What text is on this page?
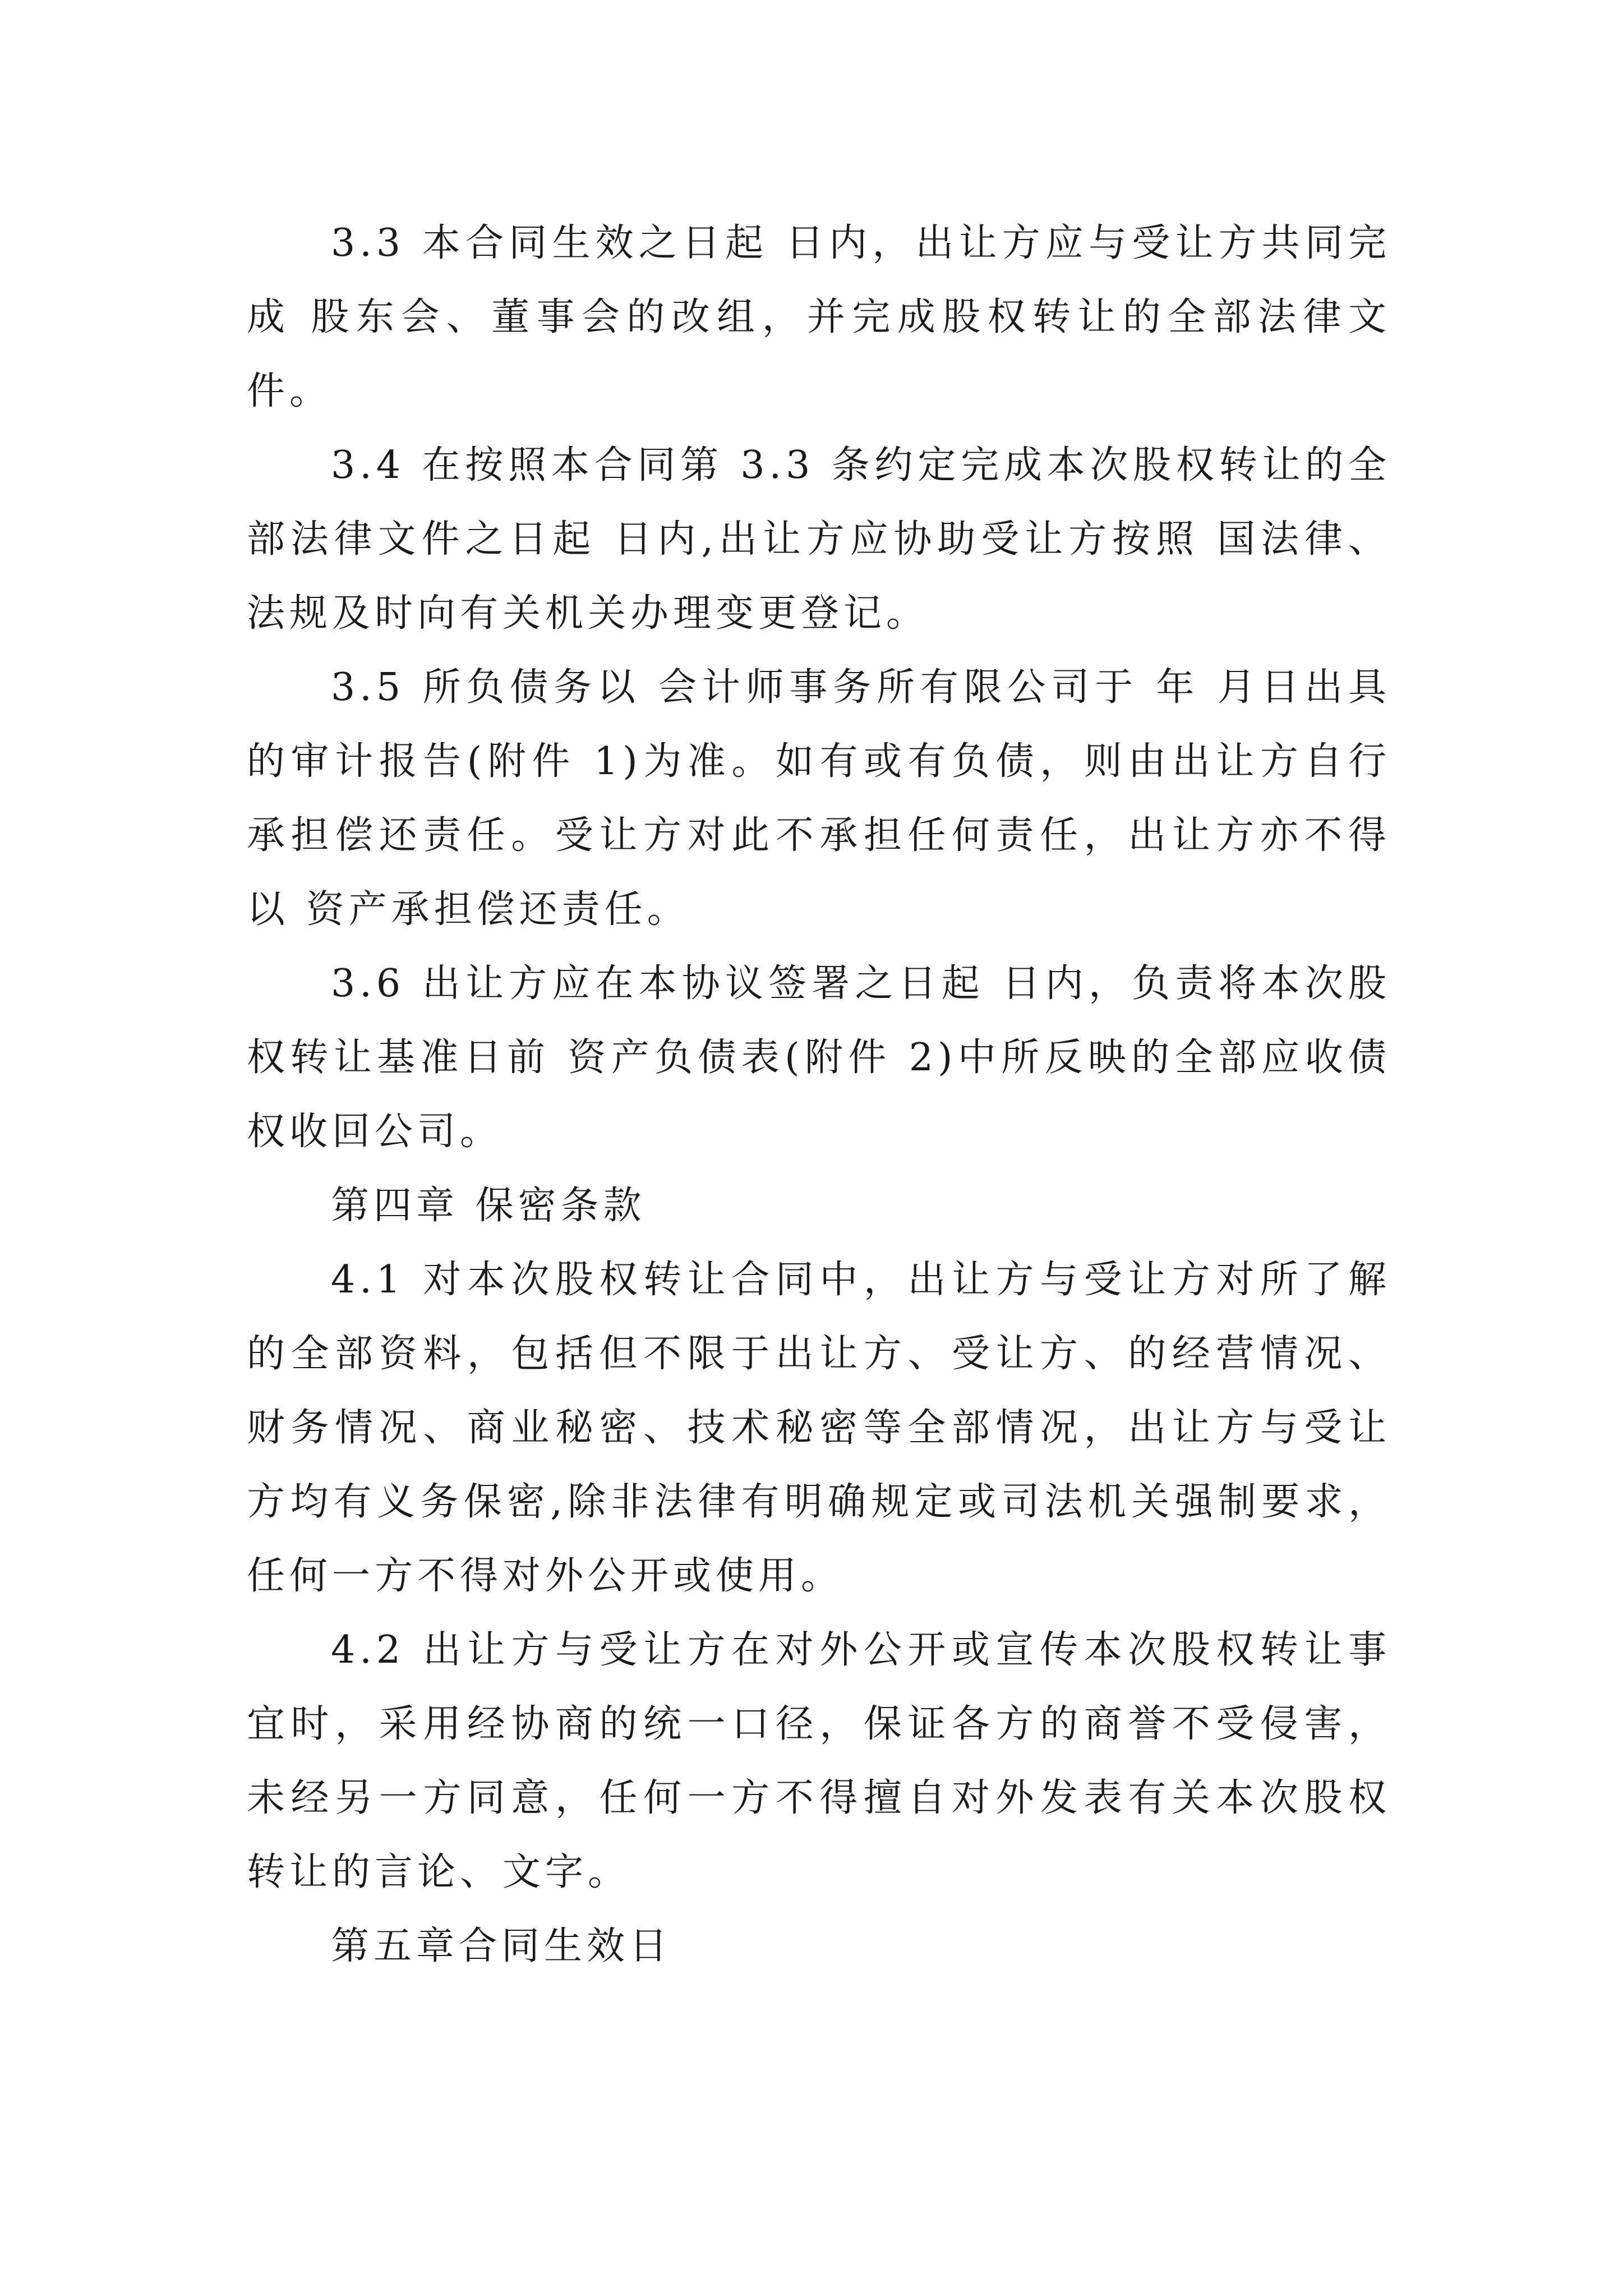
3.3 本合同生效之日起 日内，出让方应与受让方共同完成 股东会、董事会的改组，并完成股权转让的全部法律文件。

3.4 在按照本合同第 3.3 条约定完成本次股权转让的全部法律文件之日起 日内,出让方应协助受让方按照 国法律、法规及时向有关机关办理变更登记。

3.5 所负债务以 会计师事务所有限公司于 年 月日出具的审计报告(附件 1)为准。如有或有负债，则由出让方自行承担偿还责任。受让方对此不承担任何责任，出让方亦不得以 资产承担偿还责任。

3.6 出让方应在本协议签署之日起 日内，负责将本次股权转让基准日前 资产负债表(附件 2)中所反映的全部应收债权收回公司。

第四章 保密条款

4.1 对本次股权转让合同中，出让方与受让方对所了解的全部资料，包括但不限于出让方、受让方、的经营情况、财务情况、商业秘密、技术秘密等全部情况，出让方与受让方均有义务保密,除非法律有明确规定或司法机关强制要求，任何一方不得对外公开或使用。

4.2 出让方与受让方在对外公开或宣传本次股权转让事宜时，采用经协商的统一口径，保证各方的商誉不受侵害，未经另一方同意，任何一方不得擅自对外发表有关本次股权转让的言论、文字。

第五章合同生效日
